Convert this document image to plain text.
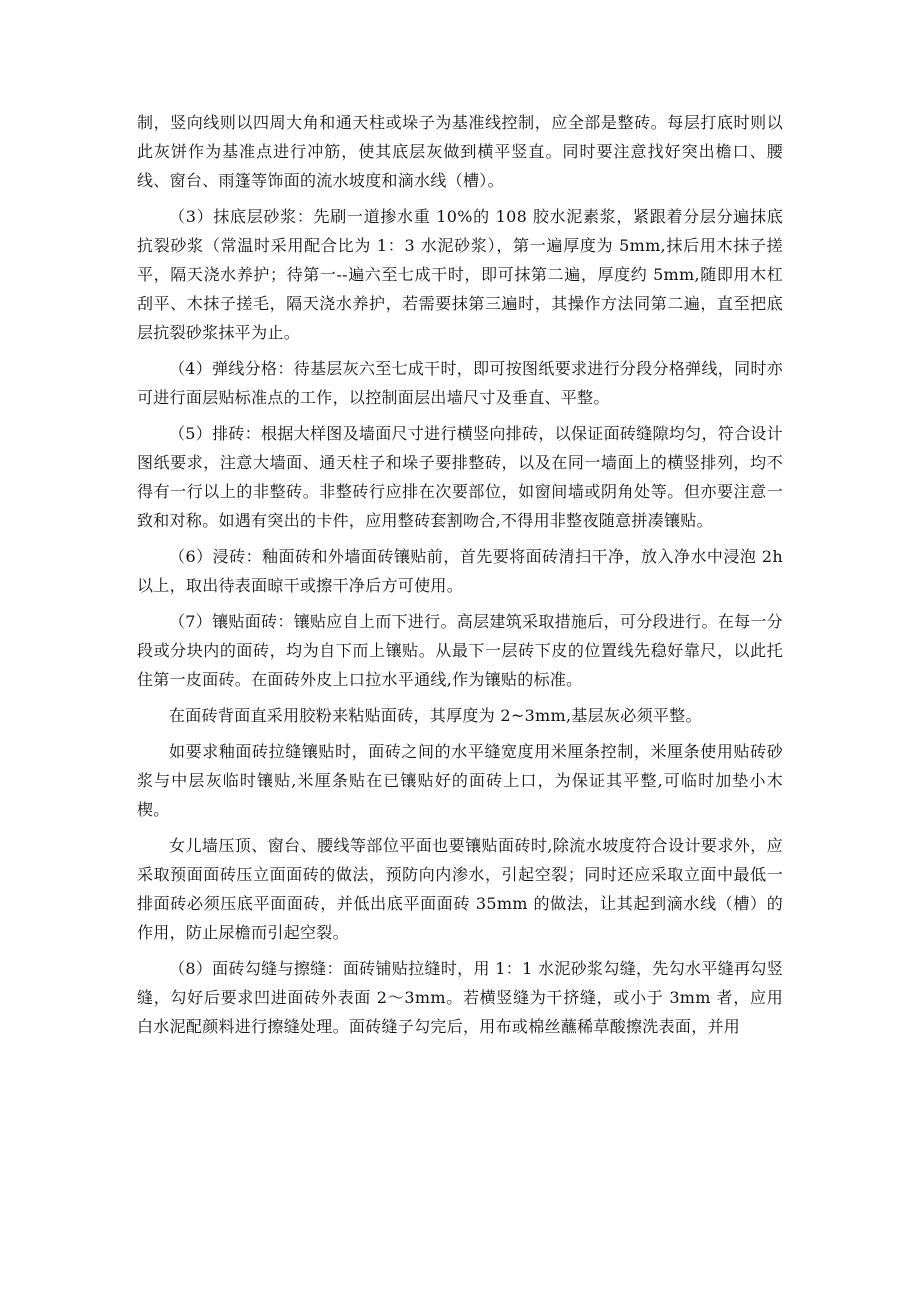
制，竖向线则以四周大角和通天柱或垛子为基准线控制，应全部是整砖。每层打底时则以此灰饼作为基准点进行冲筋，使其底层灰做到横平竖直。同时要注意找好突出檐口、腰线、窗台、雨篷等饰面的流水坡度和滴水线（槽）。

（3）抹底层砂浆：先刷一道掺水重 10%的 108 胶水泥素浆，紧跟着分层分遍抹底抗裂砂浆（常温时采用配合比为 1：3 水泥砂浆），第一遍厚度为 5mm,抹后用木抹子搓平，隔天浇水养护；待第一--遍六至七成干时，即可抹第二遍，厚度约 5mm,随即用木杠刮平、木抹子搓毛，隔天浇水养护，若需要抹第三遍时，其操作方法同第二遍，直至把底层抗裂砂浆抹平为止。

（4）弹线分格：待基层灰六至七成干时，即可按图纸要求进行分段分格弹线，同时亦可进行面层贴标准点的工作，以控制面层出墙尺寸及垂直、平整。

（5）排砖：根据大样图及墙面尺寸进行横竖向排砖，以保证面砖缝隙均匀，符合设计图纸要求，注意大墙面、通天柱子和垛子要排整砖，以及在同一墙面上的横竖排列，均不得有一行以上的非整砖。非整砖行应排在次要部位，如窗间墙或阴角处等。但亦要注意一致和对称。如遇有突出的卡件，应用整砖套割吻合,不得用非整夜随意拼凑镶贴。

（6）浸砖：釉面砖和外墙面砖镶贴前，首先要将面砖清扫干净，放入净水中浸泡 2h 以上，取出待表面晾干或擦干净后方可使用。

（7）镶贴面砖：镶贴应自上而下进行。高层建筑采取措施后，可分段进行。在每一分段或分块内的面砖，均为自下而上镶贴。从最下一层砖下皮的位置线先稳好靠尺，以此托住第一皮面砖。在面砖外皮上口拉水平通线,作为镶贴的标准。

在面砖背面直采用胶粉来粘贴面砖，其厚度为 2~3mm,基层灰必须平整。

如要求釉面砖拉缝镶贴时，面砖之间的水平缝宽度用米厘条控制，米厘条使用贴砖砂浆与中层灰临时镶贴,米厘条贴在已镶贴好的面砖上口，为保证其平整,可临时加垫小木楔。

女儿墙压顶、窗台、腰线等部位平面也要镶贴面砖时,除流水坡度符合设计要求外，应采取预面面砖压立面面砖的做法，预防向内渗水，引起空裂；同时还应采取立面中最低一排面砖必须压底平面面砖，并低出底平面面砖 35mm 的做法，让其起到滴水线（槽）的作用，防止尿檐而引起空裂。

（8）面砖勾缝与擦缝：面砖铺贴拉缝时，用 1：1 水泥砂浆勾缝，先勾水平缝再勾竖缝，勾好后要求凹进面砖外表面 2～3mm。若横竖缝为干挤缝，或小于 3mm 者，应用白水泥配颜料进行擦缝处理。面砖缝子勾完后，用布或棉丝蘸稀草酸擦洗表面，并用
